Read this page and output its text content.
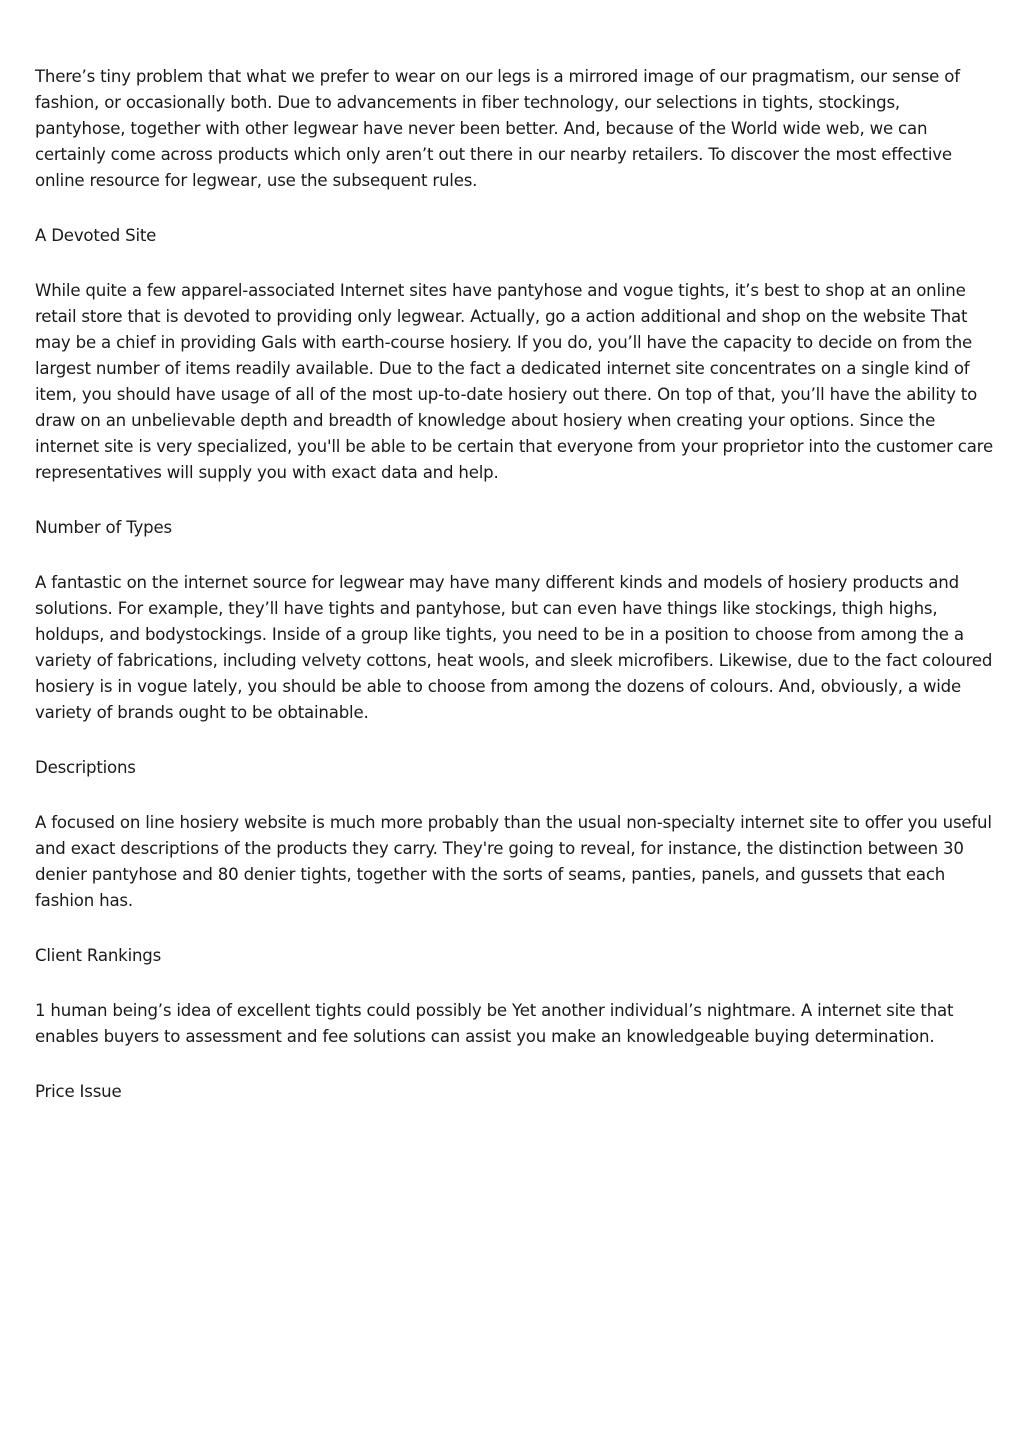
There’s tiny problem that what we prefer to wear on our legs is a mirrored image of our pragmatism, our sense of fashion, or occasionally both. Due to advancements in fiber technology, our selections in tights, stockings, pantyhose, together with other legwear have never been better. And, because of the World wide web, we can certainly come across products which only aren’t out there in our nearby retailers. To discover the most effective online resource for legwear, use the subsequent rules.

A Devoted Site

While quite a few apparel-associated Internet sites have pantyhose and vogue tights, it’s best to shop at an online retail store that is devoted to providing only legwear. Actually, go a action additional and shop on the website That may be a chief in providing Gals with earth-course hosiery. If you do, you’ll have the capacity to decide on from the largest number of items readily available. Due to the fact a dedicated internet site concentrates on a single kind of item, you should have usage of all of the most up-to-date hosiery out there. On top of that, you’ll have the ability to draw on an unbelievable depth and breadth of knowledge about hosiery when creating your options. Since the internet site is very specialized, you'll be able to be certain that everyone from your proprietor into the customer care representatives will supply you with exact data and help.

Number of Types

A fantastic on the internet source for legwear may have many different kinds and models of hosiery products and solutions. For example, they’ll have tights and pantyhose, but can even have things like stockings, thigh highs, holdups, and bodystockings. Inside of a group like tights, you need to be in a position to choose from among the a variety of fabrications, including velvety cottons, heat wools, and sleek microfibers. Likewise, due to the fact coloured hosiery is in vogue lately, you should be able to choose from among the dozens of colours. And, obviously, a wide variety of brands ought to be obtainable.

Descriptions

A focused on line hosiery website is much more probably than the usual non-specialty internet site to offer you useful and exact descriptions of the products they carry. They're going to reveal, for instance, the distinction between 30 denier pantyhose and 80 denier tights, together with the sorts of seams, panties, panels, and gussets that each fashion has.

Client Rankings

1 human being’s idea of excellent tights could possibly be Yet another individual’s nightmare. A internet site that enables buyers to assessment and fee solutions can assist you make an knowledgeable buying determination.

Price Issue
